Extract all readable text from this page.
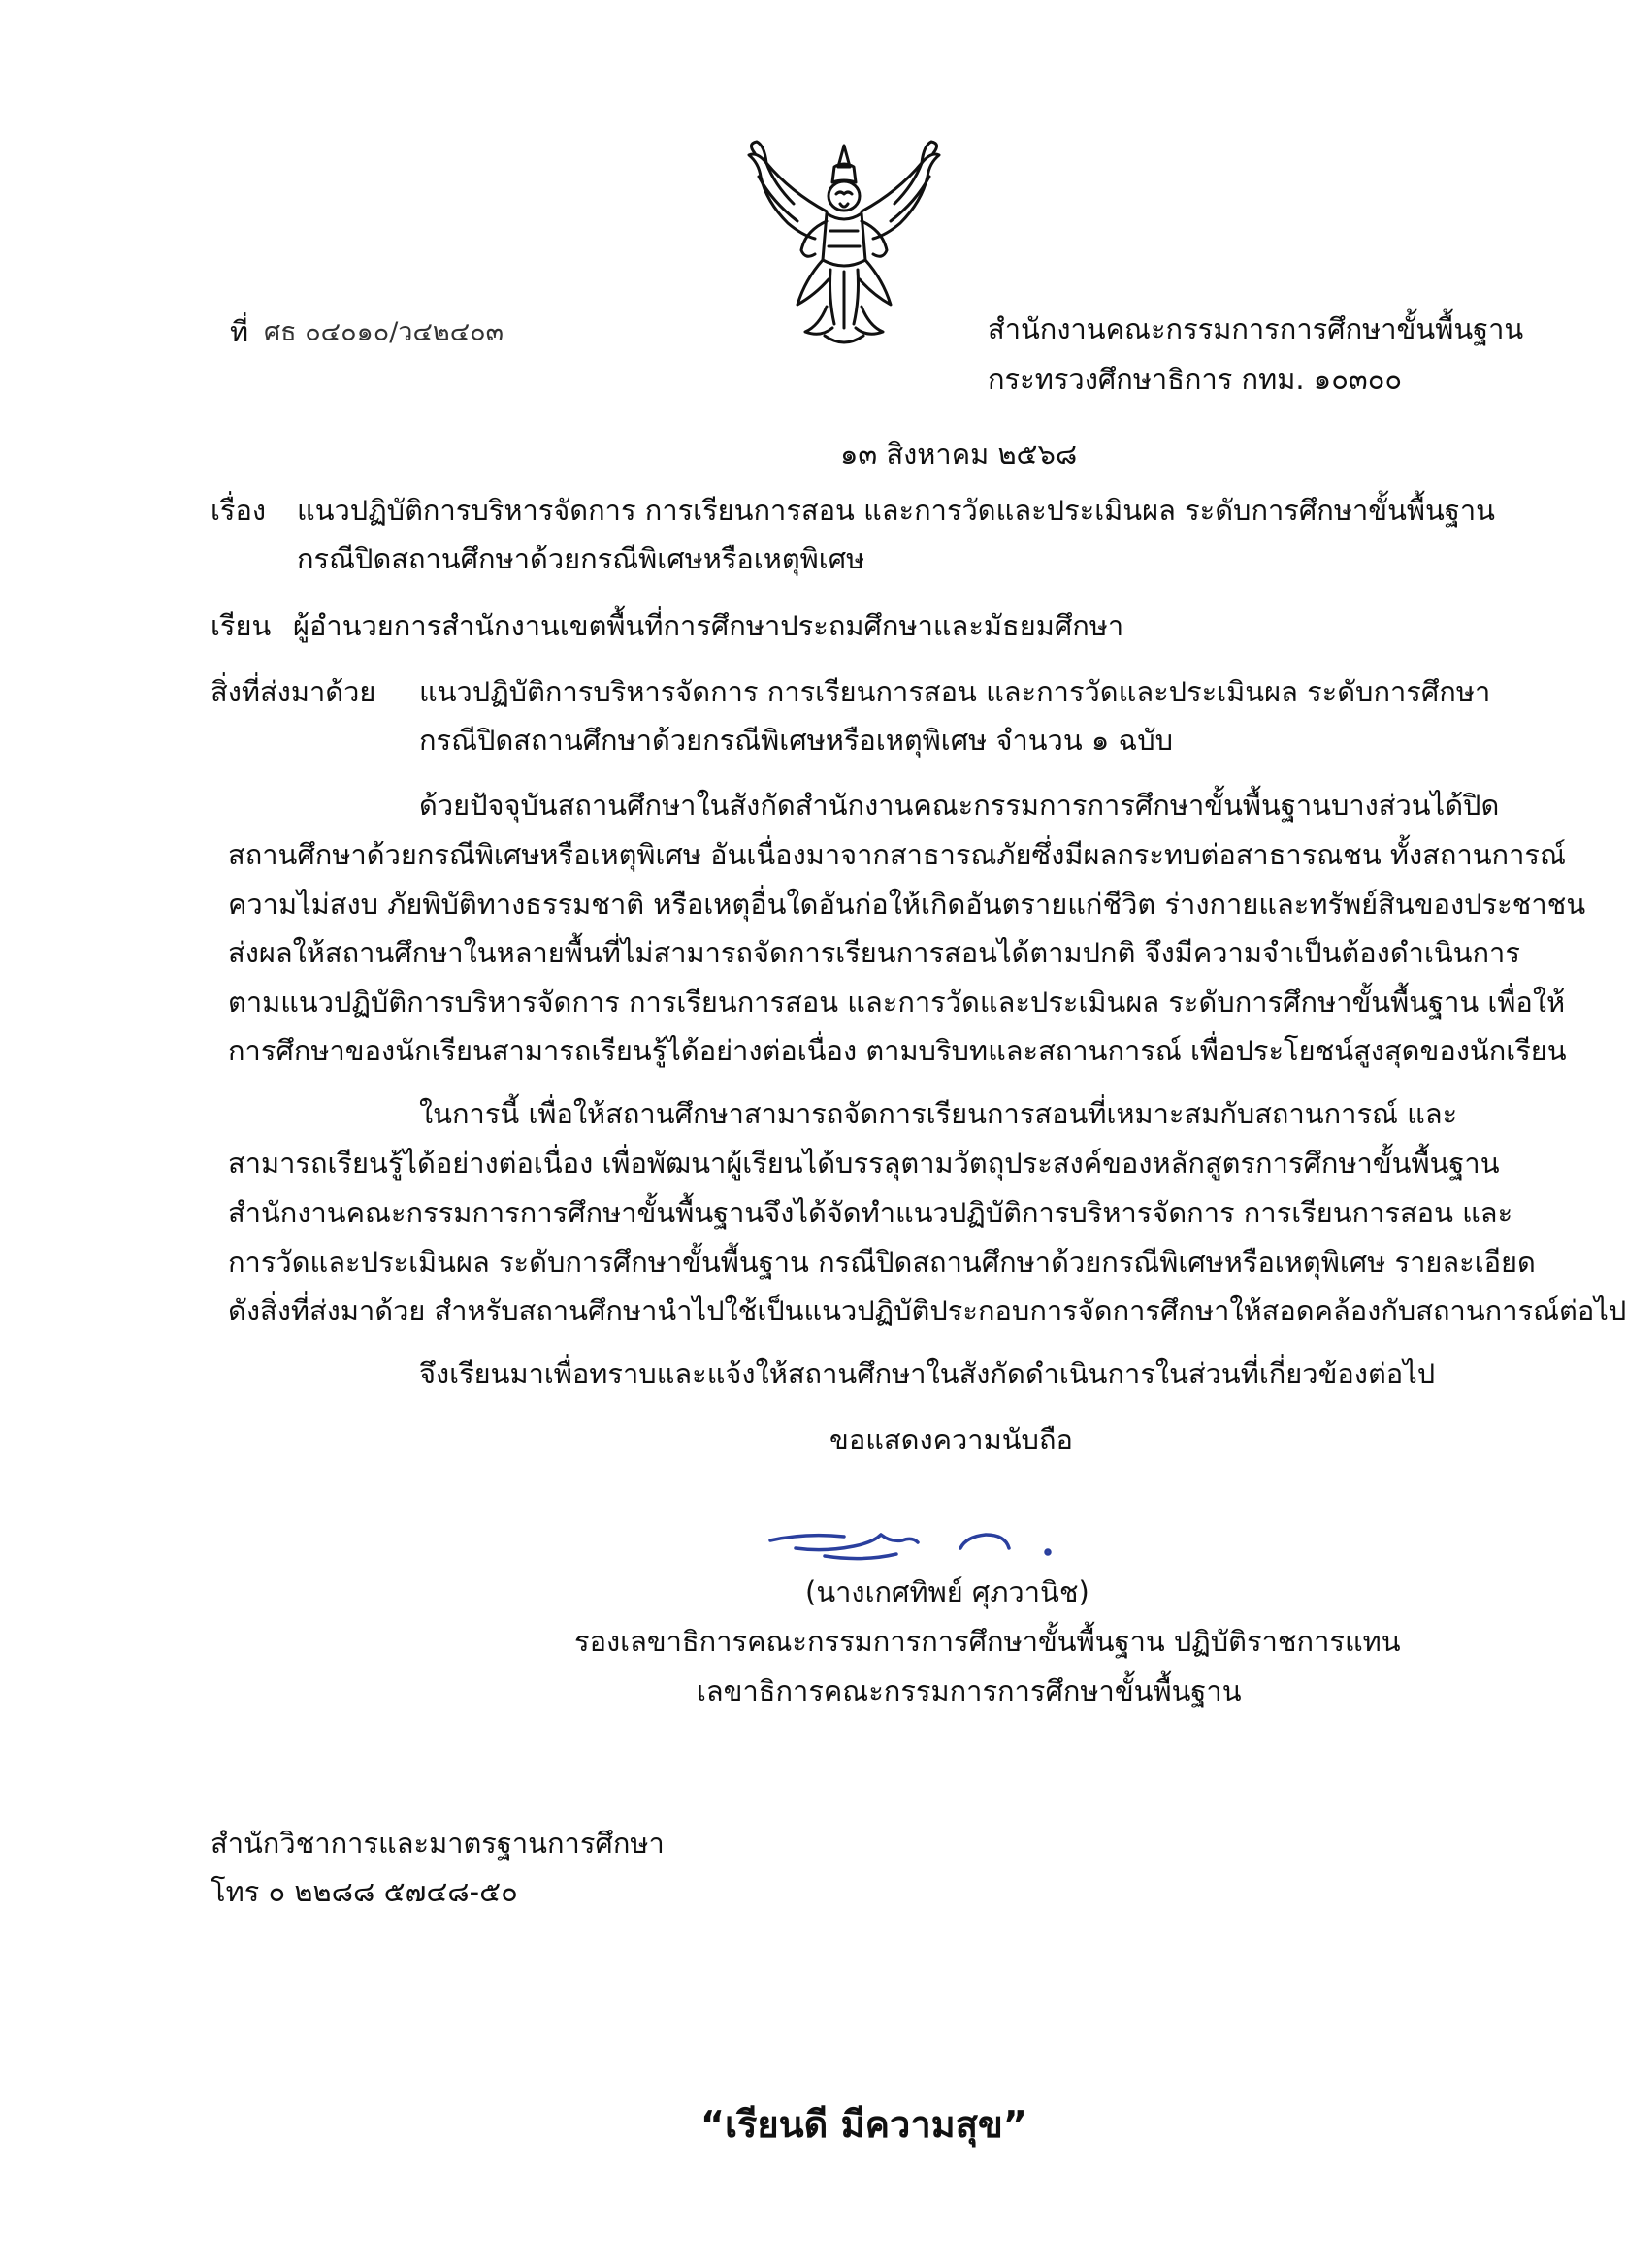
ที่ ศธ ๐๔๐๑๐/ว๔๒๔๐๓	สำนักงานคณะกรรมการการศึกษาขั้นพื้นฐาน
กระทรวงศึกษาธิการ กทม. ๑๐๓๐๐
๑๓ สิงหาคม ๒๕๖๘
เรื่อง แนวปฏิบัติการบริหารจัดการ การเรียนการสอน และการวัดและประเมินผล ระดับการศึกษาขั้นพื้นฐาน
กรณีปิดสถานศึกษาด้วยกรณีพิเศษหรือเหตุพิเศษ
เรียน ผู้อำนวยการสำนักงานเขตพื้นที่การศึกษาประถมศึกษาและมัธยมศึกษา
สิ่งที่ส่งมาด้วย แนวปฏิบัติการบริหารจัดการ การเรียนการสอน และการวัดและประเมินผล ระดับการศึกษา
กรณีปิดสถานศึกษาด้วยกรณีพิเศษหรือเหตุพิเศษ จำนวน ๑ ฉบับ
ด้วยปัจจุบันสถานศึกษาในสังกัดสำนักงานคณะกรรมการการศึกษาขั้นพื้นฐานบางส่วนได้ปิด
สถานศึกษาด้วยกรณีพิเศษหรือเหตุพิเศษ อันเนื่องมาจากสาธารณภัยซึ่งมีผลกระทบต่อสาธารณชน ทั้งสถานการณ์
ความไม่สงบ ภัยพิบัติทางธรรมชาติ หรือเหตุอื่นใดอันก่อให้เกิดอันตรายแก่ชีวิต ร่างกายและทรัพย์สินของประชาชน
ส่งผลให้สถานศึกษาในหลายพื้นที่ไม่สามารถจัดการเรียนการสอนได้ตามปกติ จึงมีความจำเป็นต้องดำเนินการ
ตามแนวปฏิบัติการบริหารจัดการ การเรียนการสอน และการวัดและประเมินผล ระดับการศึกษาขั้นพื้นฐาน เพื่อให้
การศึกษาของนักเรียนสามารถเรียนรู้ได้อย่างต่อเนื่อง ตามบริบทและสถานการณ์ เพื่อประโยชน์สูงสุดของนักเรียน
ในการนี้ เพื่อให้สถานศึกษาสามารถจัดการเรียนการสอนที่เหมาะสมกับสถานการณ์ และ
สามารถเรียนรู้ได้อย่างต่อเนื่อง เพื่อพัฒนาผู้เรียนได้บรรลุตามวัตถุประสงค์ของหลักสูตรการศึกษาขั้นพื้นฐาน
สำนักงานคณะกรรมการการศึกษาขั้นพื้นฐานจึงได้จัดทำแนวปฏิบัติการบริหารจัดการ การเรียนการสอน และ
การวัดและประเมินผล ระดับการศึกษาขั้นพื้นฐาน กรณีปิดสถานศึกษาด้วยกรณีพิเศษหรือเหตุพิเศษ รายละเอียด
ดังสิ่งที่ส่งมาด้วย สำหรับสถานศึกษานำไปใช้เป็นแนวปฏิบัติประกอบการจัดการศึกษาให้สอดคล้องกับสถานการณ์ต่อไป
จึงเรียนมาเพื่อทราบและแจ้งให้สถานศึกษาในสังกัดดำเนินการในส่วนที่เกี่ยวข้องต่อไป
ขอแสดงความนับถือ
(นางเกศทิพย์ ศุภวานิช)
รองเลขาธิการคณะกรรมการการศึกษาขั้นพื้นฐาน ปฏิบัติราชการแทน
เลขาธิการคณะกรรมการการศึกษาขั้นพื้นฐาน
สำนักวิชาการและมาตรฐานการศึกษา
โทร ๐ ๒๒๘๘ ๕๗๔๘-๕๐
“เรียนดี มีความสุข”
